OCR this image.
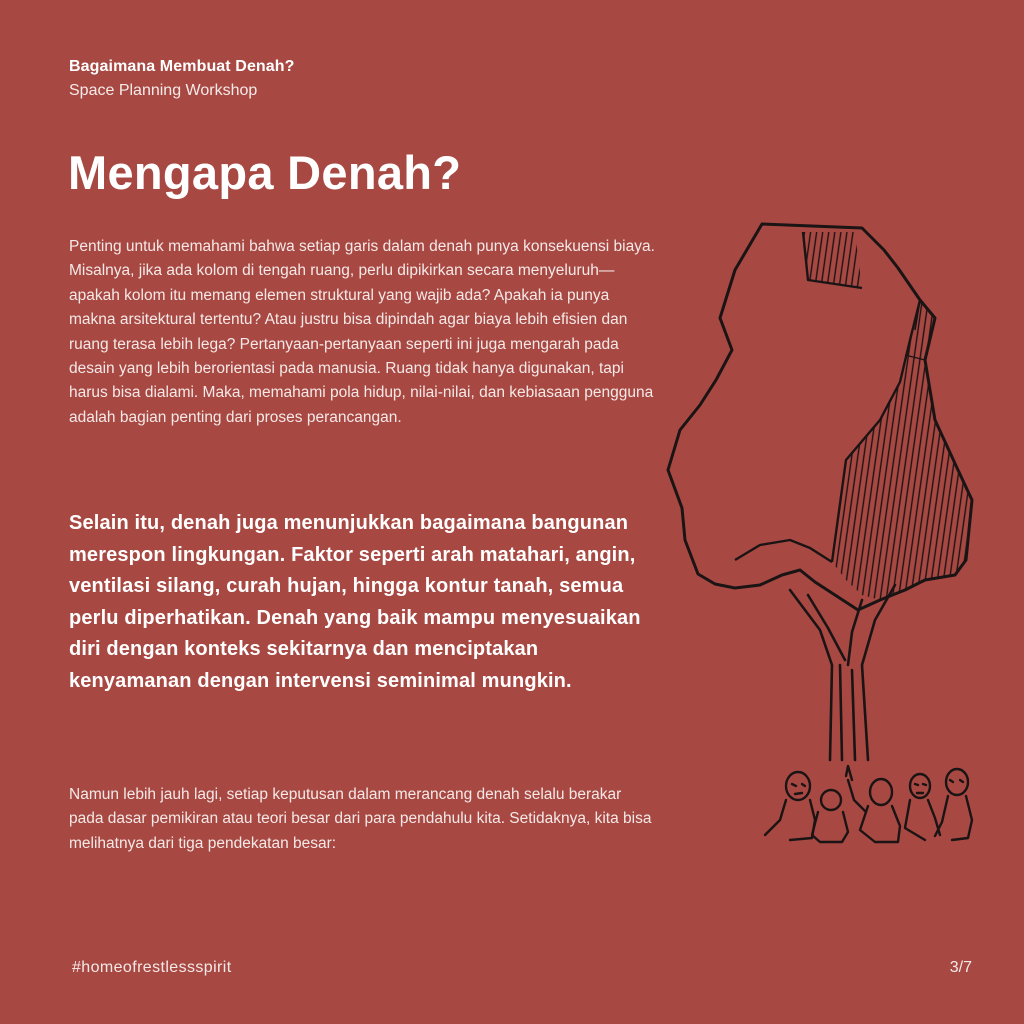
Bagaimana Membuat Denah?
Space Planning Workshop
Mengapa Denah?

Penting untuk memahami bahwa setiap garis dalam denah punya konsekuensi biaya. Misalnya, jika ada kolom di tengah ruang, perlu dipikirkan secara menyeluruh—apakah kolom itu memang elemen struktural yang wajib ada? Apakah ia punya makna arsitektural tertentu? Atau justru bisa dipindah agar biaya lebih efisien dan ruang terasa lebih lega? Pertanyaan-pertanyaan seperti ini juga mengarah pada desain yang lebih berorientasi pada manusia. Ruang tidak hanya digunakan, tapi harus bisa dialami. Maka, memahami pola hidup, nilai-nilai, dan kebiasaan pengguna adalah bagian penting dari proses perancangan.

Selain itu, denah juga menunjukkan bagaimana bangunan merespon lingkungan. Faktor seperti arah matahari, angin, ventilasi silang, curah hujan, hingga kontur tanah, semua perlu diperhatikan. Denah yang baik mampu menyesuaikan diri dengan konteks sekitarnya dan menciptakan kenyamanan dengan intervensi seminimal mungkin.

Namun lebih jauh lagi, setiap keputusan dalam merancang denah selalu berakar pada dasar pemikiran atau teori besar dari para pendahulu kita. Setidaknya, kita bisa melihatnya dari tiga pendekatan besar:

#homeofrestlessspirit	3/7
